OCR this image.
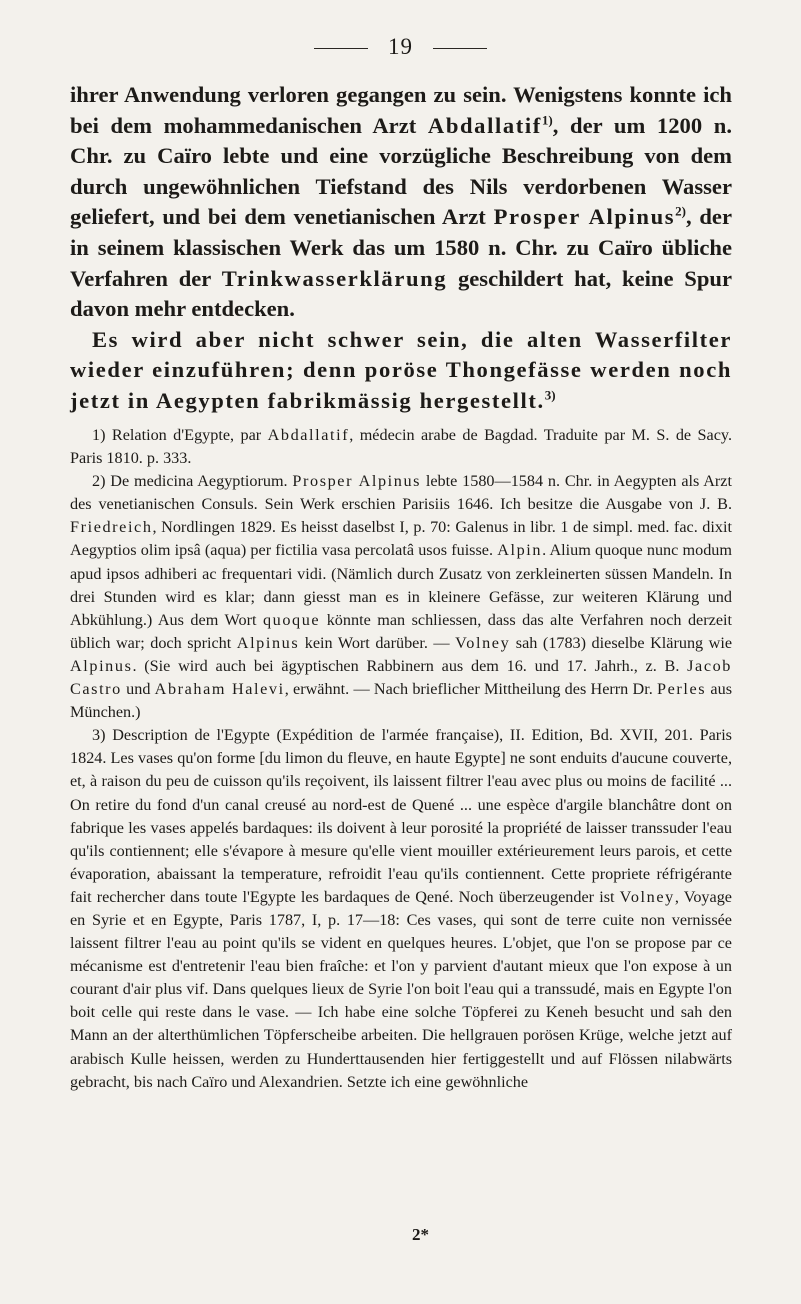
19

ihrer Anwendung verloren gegangen zu sein. Wenigstens konnte ich bei dem mohammedanischen Arzt Abdallatif$^{1)}$, der um 1200 n. Chr. zu Caïro lebte und eine vorzügliche Beschreibung von dem durch ungewöhnlichen Tiefstand des Nils verdorbenen Wasser geliefert, und bei dem venetianischen Arzt Prosper Alpinus$^{2)}$, der in seinem klassischen Werk das um 1580 n. Chr. zu Caïro übliche Verfahren der Trinkwasserklärung geschildert hat, keine Spur davon mehr entdecken.

Es wird aber nicht schwer sein, die alten Wasserfilter wieder einzuführen; denn poröse Thongefässe werden noch jetzt in Aegypten fabrikmässig hergestellt.$^{3)}$

1) Relation d'Egypte, par Abdallatif, médecin arabe de Bagdad. Traduite par M. S. de Sacy. Paris 1810. p. 333.

2) De medicina Aegyptiorum. Prosper Alpinus lebte 1580—1584 n. Chr. in Aegypten als Arzt des venetianischen Consuls. Sein Werk erschien Parisiis 1646. Ich besitze die Ausgabe von J. B. Friedreich, Nordlingen 1829. Es heisst daselbst I, p. 70: Galenus in libr. 1 de simpl. med. fac. dixit Aegyptios olim ipsâ (aqua) per fictilia vasa percolatâ usos fuisse. Alpin. Alium quoque nunc modum apud ipsos adhiberi ac frequentari vidi. (Nämlich durch Zusatz von zerkleinerten süssen Mandeln. In drei Stunden wird es klar; dann giesst man es in kleinere Gefässe, zur weiteren Klärung und Abkühlung.) Aus dem Wort quoque könnte man schliessen, dass das alte Verfahren noch derzeit üblich war; doch spricht Alpinus kein Wort darüber. — Volney sah (1783) dieselbe Klärung wie Alpinus. (Sie wird auch bei ägyptischen Rabbinern aus dem 16. und 17. Jahrh., z. B. Jacob Castro und Abraham Halevi, erwähnt. — Nach brieflicher Mittheilung des Herrn Dr. Perles aus München.)

3) Description de l'Egypte (Expédition de l'armée française), II. Edition, Bd. XVII, 201. Paris 1824. Les vases qu'on forme [du limon du fleuve, en haute Egypte] ne sont enduits d'aucune couverte, et, à raison du peu de cuisson qu'ils reçoivent, ils laissent filtrer l'eau avec plus ou moins de facilité ... On retire du fond d'un canal creusé au nord-est de Quené ... une espèce d'argile blanchâtre dont on fabrique les vases appelés bardaques: ils doivent à leur porosité la propriété de laisser transsuder l'eau qu'ils contiennent; elle s'évapore à mesure qu'elle vient mouiller extérieurement leurs parois, et cette évaporation, abaissant la temperature, refroidit l'eau qu'ils contiennent. Cette propriete réfrigérante fait rechercher dans toute l'Egypte les bardaques de Qené. Noch überzeugender ist Volney, Voyage en Syrie et en Egypte, Paris 1787, I, p. 17—18: Ces vases, qui sont de terre cuite non vernissée laissent filtrer l'eau au point qu'ils se vident en quelques heures. L'objet, que l'on se propose par ce mécanisme est d'entretenir l'eau bien fraîche: et l'on y parvient d'autant mieux que l'on expose à un courant d'air plus vif. Dans quelques lieux de Syrie l'on boit l'eau qui a transsudé, mais en Egypte l'on boit celle qui reste dans le vase. — Ich habe eine solche Töpferei zu Keneh besucht und sah den Mann an der alterthümlichen Töpferscheibe arbeiten. Die hellgrauen porösen Krüge, welche jetzt auf arabisch Kulle heissen, werden zu Hunderttausenden hier fertiggestellt und auf Flössen nilabwärts gebracht, bis nach Caïro und Alexandrien. Setzte ich eine gewöhnliche

2*
